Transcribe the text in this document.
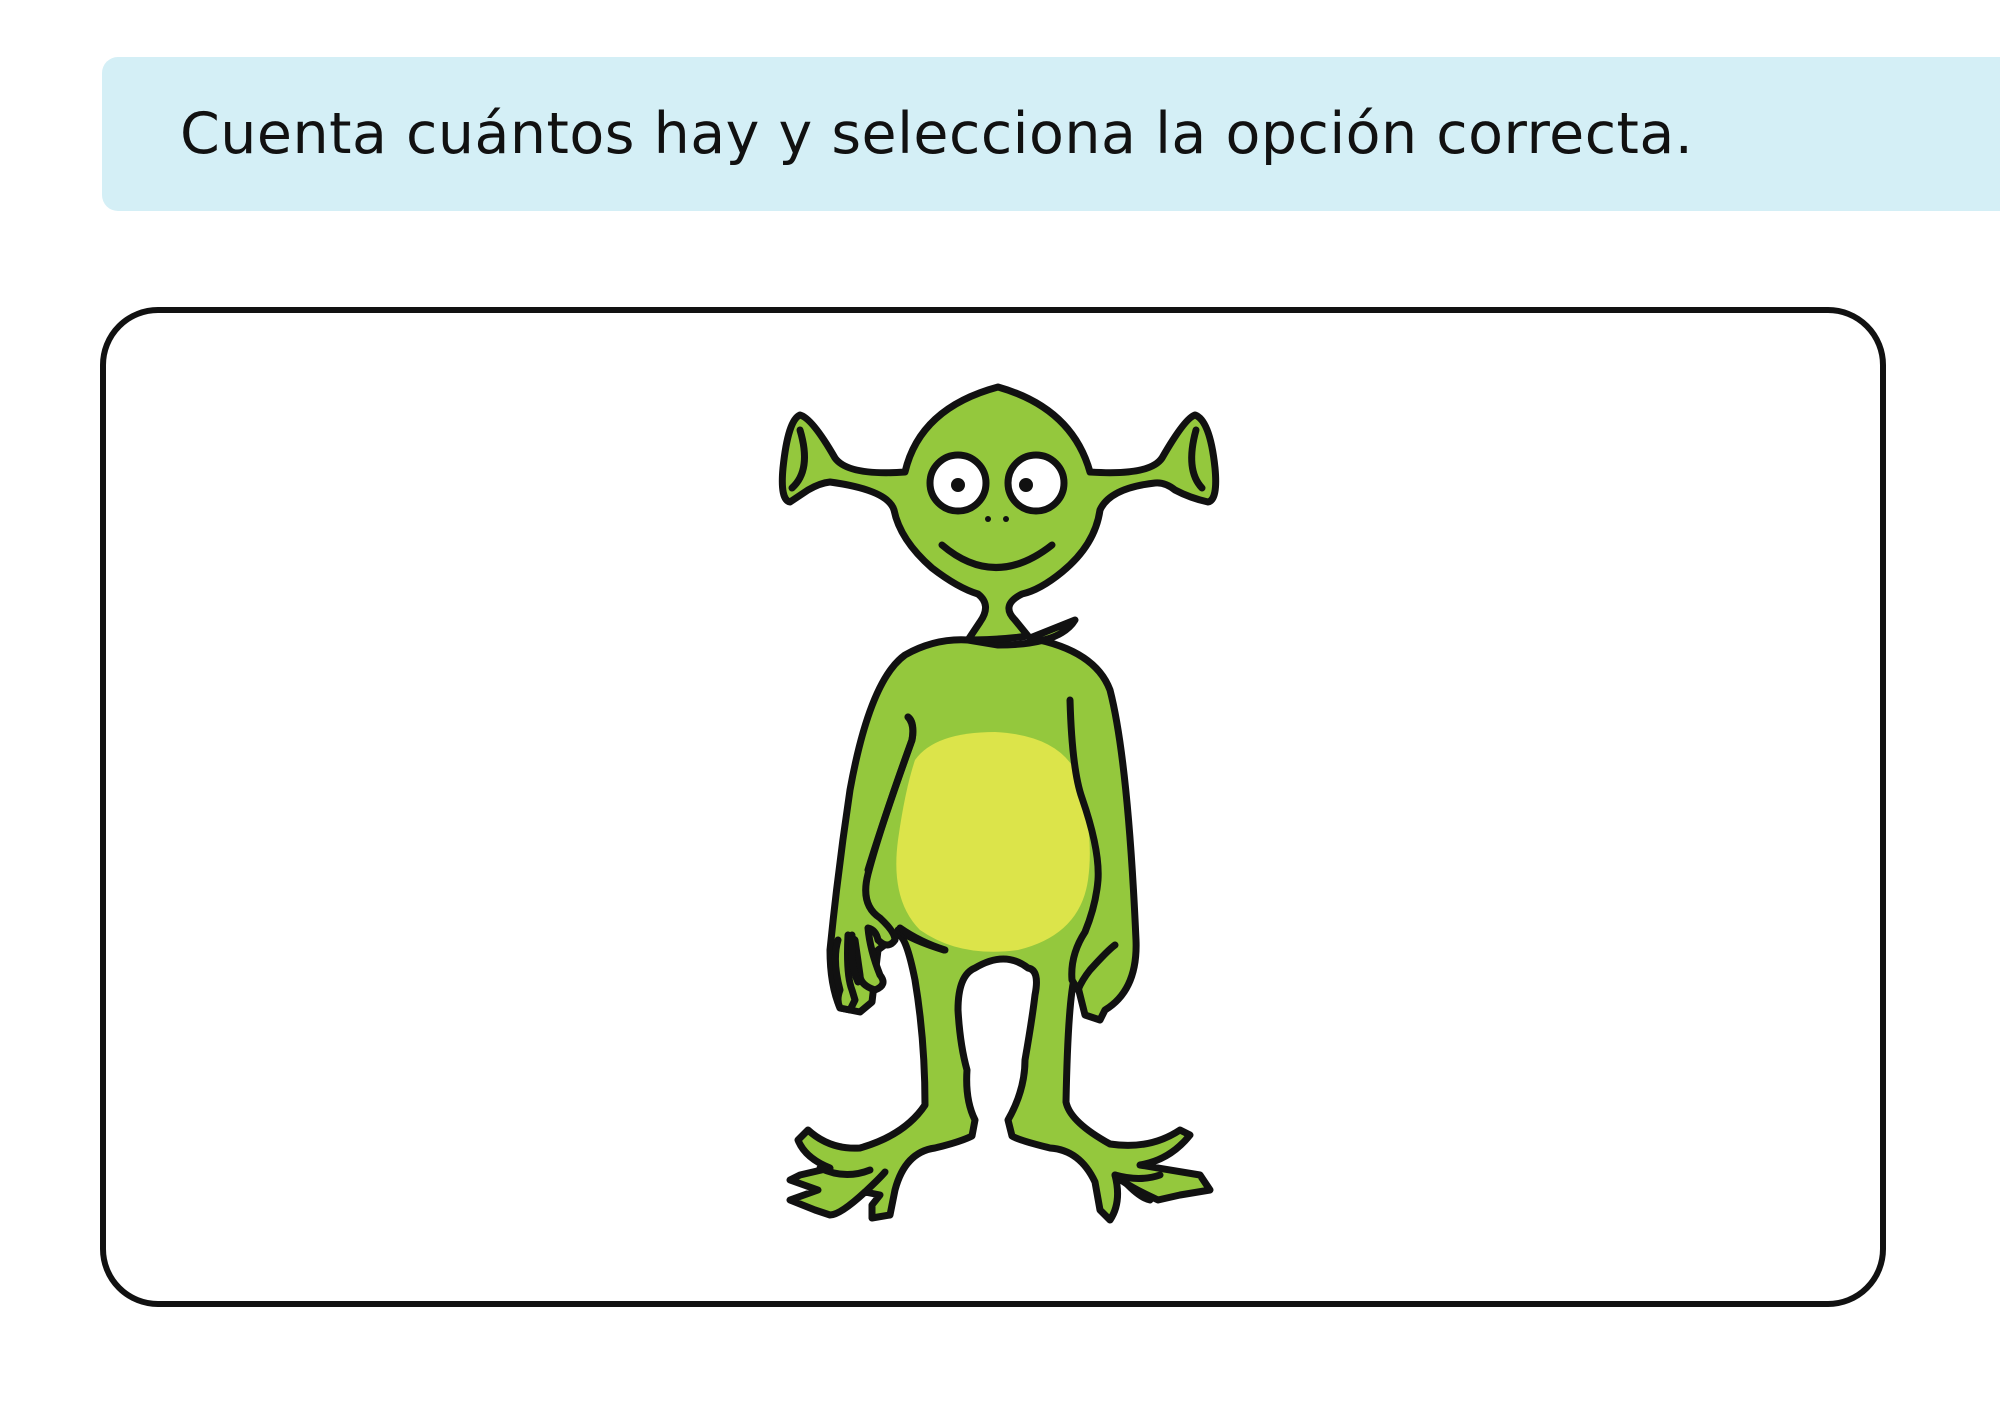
Cuenta cuántos hay y selecciona la opción correcta.
